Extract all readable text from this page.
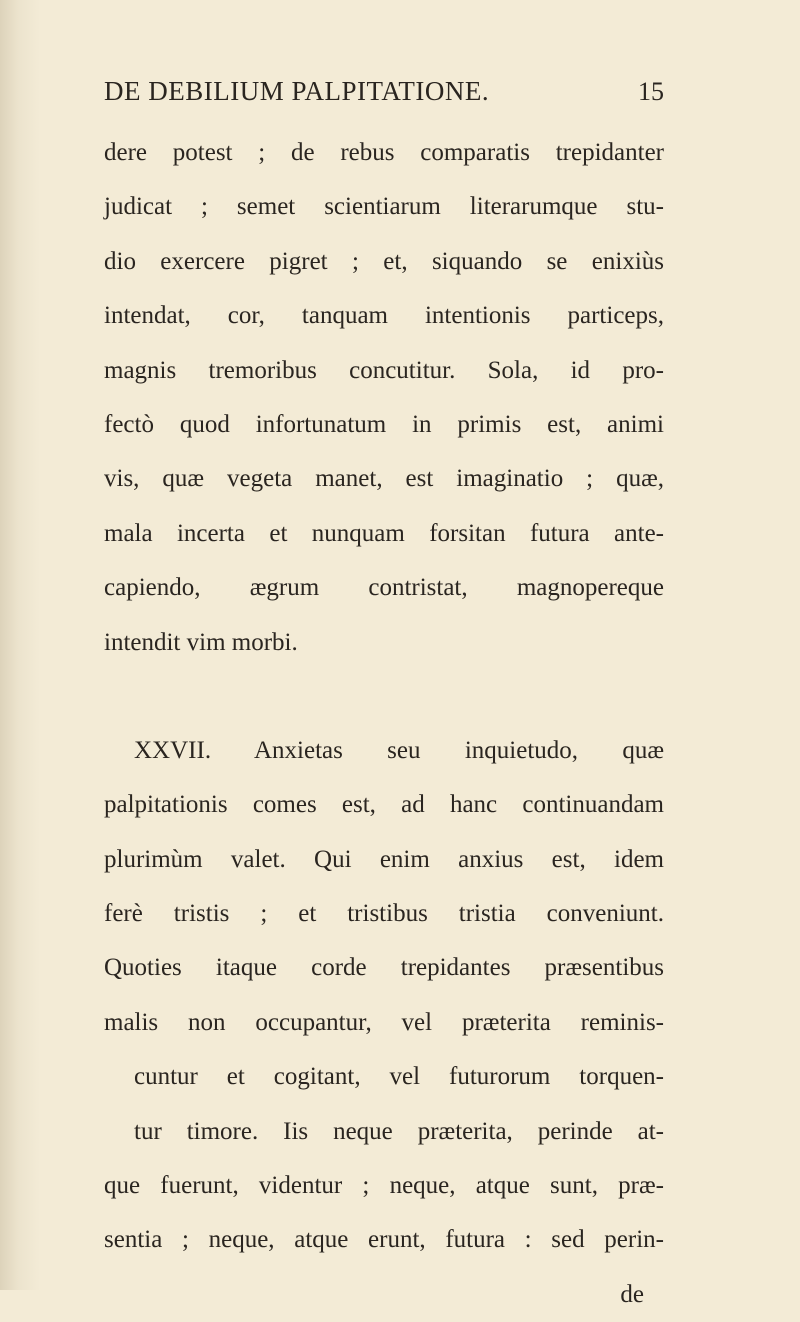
DE DEBILIUM PALPITATIONE.	15
dere potest ; de rebus comparatis trepidanter
judicat ; semet scientiarum literarumque stu-
dio exercere pigret ; et, siquando se enixiùs
intendat, cor, tanquam intentionis particeps,
magnis tremoribus concutitur. Sola, id pro-
fectò quod infortunatum in primis est, animi
vis, quæ vegeta manet, est imaginatio ; quæ,
mala incerta et nunquam forsitan futura ante-
capiendo, ægrum contristat, magnopereque
intendit vim morbi.
XXVII. Anxietas seu inquietudo, quæ
palpitationis comes est, ad hanc continuandam
plurimùm valet. Qui enim anxius est, idem
ferè tristis ; et tristibus tristia conveniunt.
Quoties itaque corde trepidantes præsentibus
malis non occupantur, vel præterita reminis-
cuntur et cogitant, vel futurorum torquen-
tur timore. Iis neque præterita, perinde at-
que fuerunt, videntur ; neque, atque sunt, præ-
sentia ; neque, atque erunt, futura : sed perin-
de
